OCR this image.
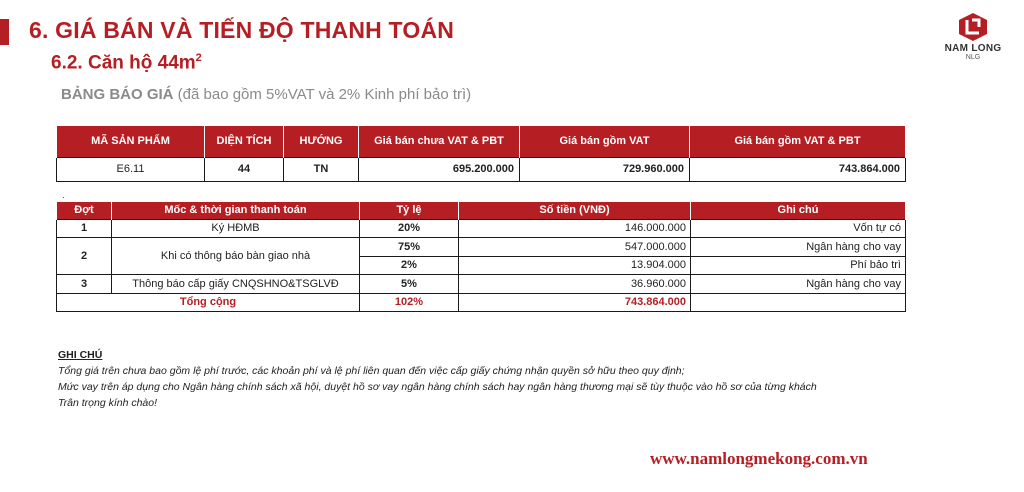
6. GIÁ BÁN VÀ TIẾN ĐỘ THANH TOÁN
6.2. Căn hộ $44m^2$
BẢNG BÁO GIÁ (đã bao gồm 5%VAT và 2% Kinh phí bảo trì)
NAM LONG
NLG
MÃ SẢN PHẨM	DIỆN TÍCH	HƯỚNG	Giá bán chưa VAT & PBT	Giá bán gồm VAT	Giá bán gồm VAT & PBT
E6.11	44	TN	695.200.000	729.960.000	743.864.000
.
Đợt	Mốc & thời gian thanh toán	Tỷ lệ	Số tiền (VNĐ)	Ghi chú
1	Ký HĐMB	20%	146.000.000	Vốn tự có
2	Khi có thông báo bàn giao nhà	75%	547.000.000	Ngân hàng cho vay
		2%	13.904.000	Phí bảo trì
3	Thông báo cấp giấy CNQSHNO&TSGLVĐ	5%	36.960.000	Ngân hàng cho vay
Tổng cộng		102%	743.864.000	
GHI CHÚ
Tổng giá trên chưa bao gồm lệ phí trước, các khoản phí và lệ phí liên quan đến việc cấp giấy chứng nhận quyền sở hữu theo quy định;
Mức vay trên áp dụng cho Ngân hàng chính sách xã hội, duyệt hồ sơ vay ngân hàng chính sách hay ngân hàng thương mại sẽ tùy thuộc vào hồ sơ của từng khách
Trân trọng kính chào!
www.namlongmekong.com.vn
